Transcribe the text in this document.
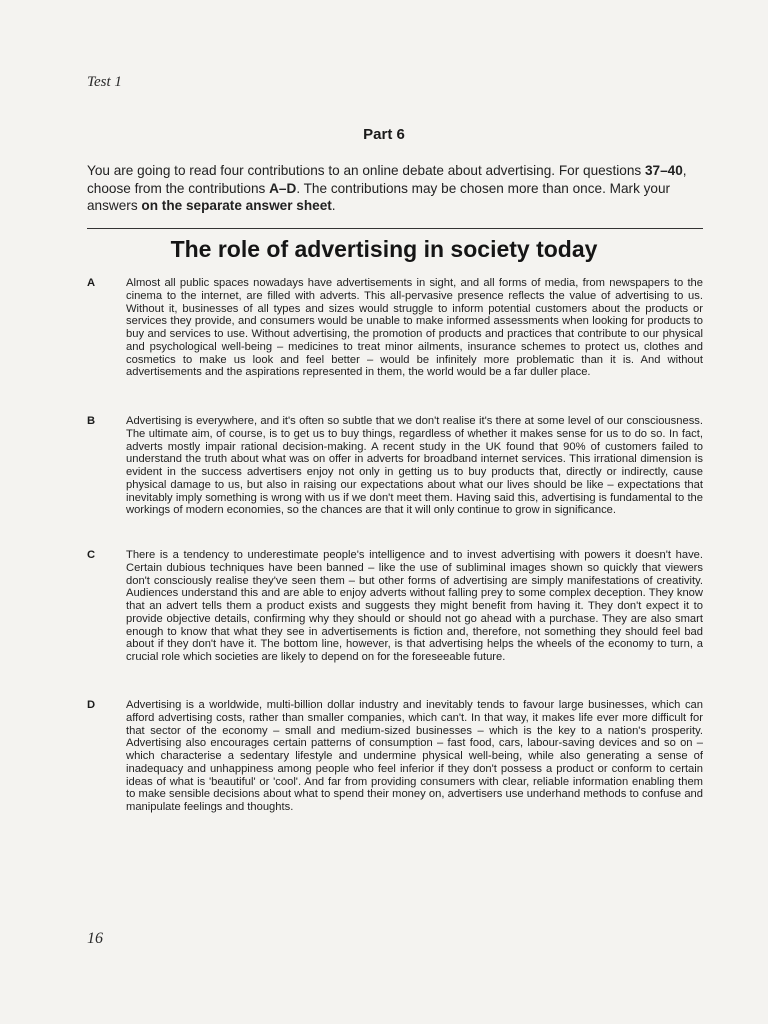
Test 1
Part 6
You are going to read four contributions to an online debate about advertising. For questions 37–40, choose from the contributions A–D. The contributions may be chosen more than once. Mark your answers on the separate answer sheet.
The role of advertising in society today
A	Almost all public spaces nowadays have advertisements in sight, and all forms of media, from newspapers to the cinema to the internet, are filled with adverts. This all-pervasive presence reflects the value of advertising to us. Without it, businesses of all types and sizes would struggle to inform potential customers about the products or services they provide, and consumers would be unable to make informed assessments when looking for products to buy and services to use. Without advertising, the promotion of products and practices that contribute to our physical and psychological well-being – medicines to treat minor ailments, insurance schemes to protect us, clothes and cosmetics to make us look and feel better – would be infinitely more problematic than it is. And without advertisements and the aspirations represented in them, the world would be a far duller place.
B	Advertising is everywhere, and it's often so subtle that we don't realise it's there at some level of our consciousness. The ultimate aim, of course, is to get us to buy things, regardless of whether it makes sense for us to do so. In fact, adverts mostly impair rational decision-making. A recent study in the UK found that 90% of customers failed to understand the truth about what was on offer in adverts for broadband internet services. This irrational dimension is evident in the success advertisers enjoy not only in getting us to buy products that, directly or indirectly, cause physical damage to us, but also in raising our expectations about what our lives should be like – expectations that inevitably imply something is wrong with us if we don't meet them. Having said this, advertising is fundamental to the workings of modern economies, so the chances are that it will only continue to grow in significance.
C	There is a tendency to underestimate people's intelligence and to invest advertising with powers it doesn't have. Certain dubious techniques have been banned – like the use of subliminal images shown so quickly that viewers don't consciously realise they've seen them – but other forms of advertising are simply manifestations of creativity. Audiences understand this and are able to enjoy adverts without falling prey to some complex deception. They know that an advert tells them a product exists and suggests they might benefit from having it. They don't expect it to provide objective details, confirming why they should or should not go ahead with a purchase. They are also smart enough to know that what they see in advertisements is fiction and, therefore, not something they should feel bad about if they don't have it. The bottom line, however, is that advertising helps the wheels of the economy to turn, a crucial role which societies are likely to depend on for the foreseeable future.
D	Advertising is a worldwide, multi-billion dollar industry and inevitably tends to favour large businesses, which can afford advertising costs, rather than smaller companies, which can't. In that way, it makes life ever more difficult for that sector of the economy – small and medium-sized businesses – which is the key to a nation's prosperity. Advertising also encourages certain patterns of consumption – fast food, cars, labour-saving devices and so on – which characterise a sedentary lifestyle and undermine physical well-being, while also generating a sense of inadequacy and unhappiness among people who feel inferior if they don't possess a product or conform to certain ideas of what is 'beautiful' or 'cool'. And far from providing consumers with clear, reliable information enabling them to make sensible decisions about what to spend their money on, advertisers use underhand methods to confuse and manipulate feelings and thoughts.
16
